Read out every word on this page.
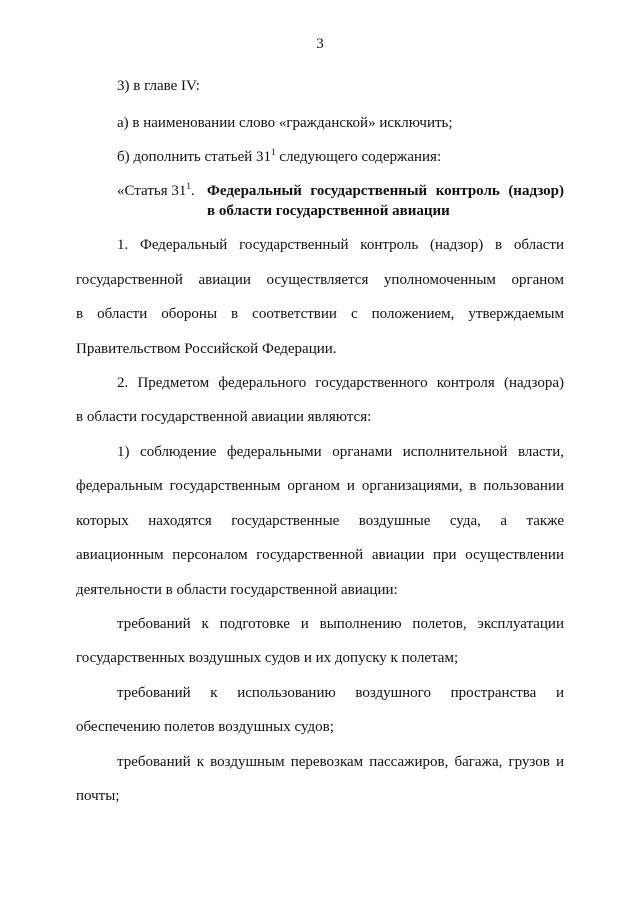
3
3) в главе IV:
а) в наименовании слово «гражданской» исключить;
б) дополнить статьей $31^1$ следующего содержания:
«Статья $31^1$. Федеральный государственный контроль (надзор)
в области государственной авиации
1. Федеральный государственный контроль (надзор) в области
государственной авиации осуществляется уполномоченным органом
в области обороны в соответствии с положением, утверждаемым
Правительством Российской Федерации.
2. Предметом федерального государственного контроля (надзора)
в области государственной авиации являются:
1) соблюдение федеральными органами исполнительной власти,
федеральным государственным органом и организациями, в пользовании
которых находятся государственные воздушные суда, а также
авиационным персоналом государственной авиации при осуществлении
деятельности в области государственной авиации:
требований к подготовке и выполнению полетов, эксплуатации
государственных воздушных судов и их допуску к полетам;
требований к использованию воздушного пространства и
обеспечению полетов воздушных судов;
требований к воздушным перевозкам пассажиров, багажа, грузов и
почты;
